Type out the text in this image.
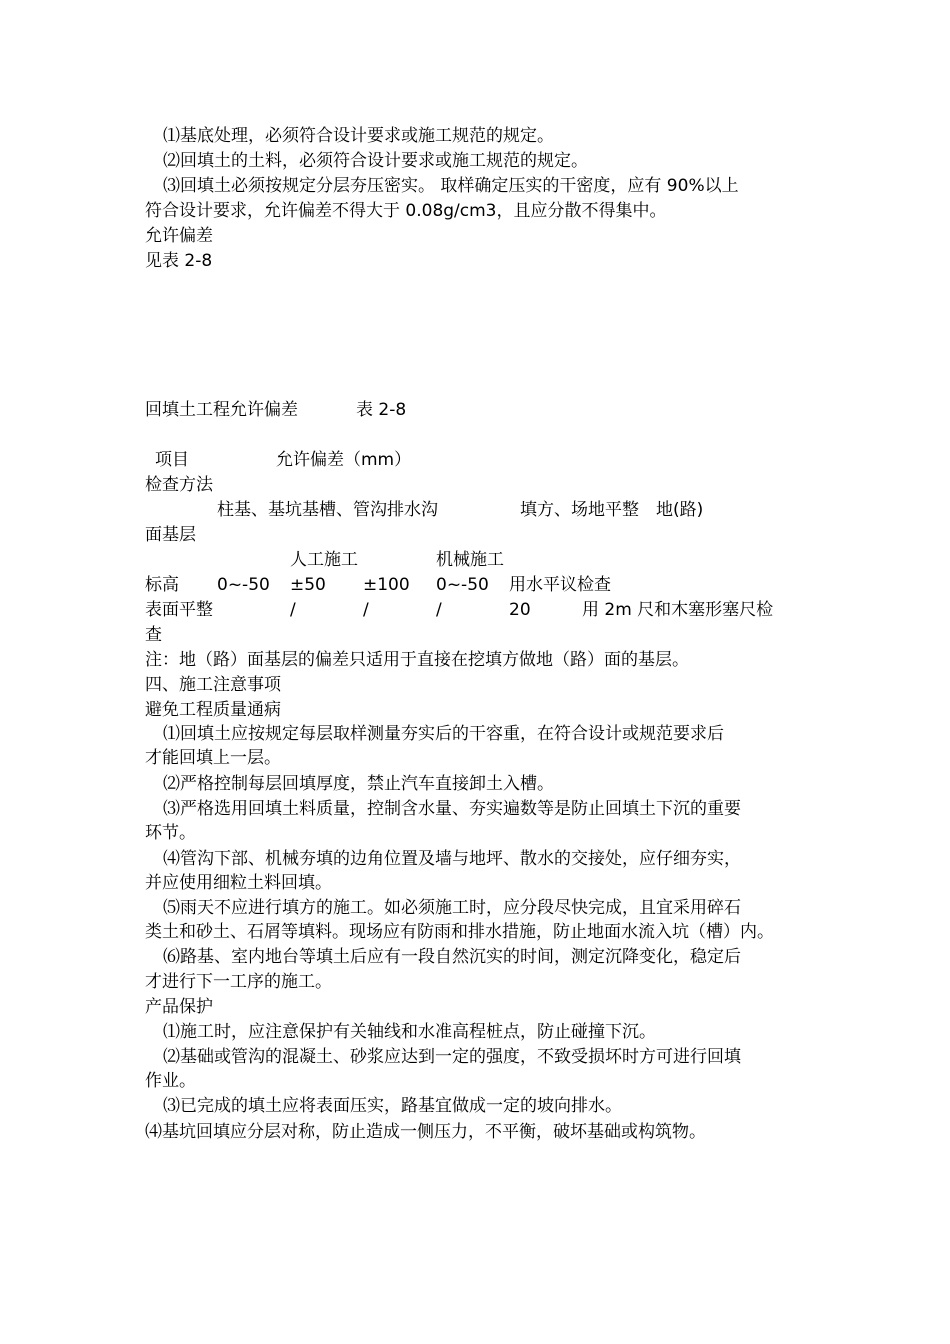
⑴基底处理，必须符合设计要求或施工规范的规定。
⑵回填土的土料，必须符合设计要求或施工规范的规定。
⑶回填土必须按规定分层夯压密实。 取样确定压实的干密度，应有 90%以上
符合设计要求，允许偏差不得大于 0.08g/cm3，且应分散不得集中。
允许偏差
见表 2-8
回填土工程允许偏差	表 2-8
项目	允许偏差（mm）
检查方法
柱基、基坑基槽、管沟排水沟	填方、场地平整 地(路)
面基层
人工施工	机械施工
标高 0~-50 ±50 ±100 0~-50 用水平议检查
表面平整	/	/	/	20	用 2m 尺和木塞形塞尺检
查
注：地（路）面基层的偏差只适用于直接在挖填方做地（路）面的基层。
四、施工注意事项
避免工程质量通病
⑴回填土应按规定每层取样测量夯实后的干容重，在符合设计或规范要求后
才能回填上一层。
⑵严格控制每层回填厚度，禁止汽车直接卸土入槽。
⑶严格选用回填土料质量，控制含水量、夯实遍数等是防止回填土下沉的重要
环节。
⑷管沟下部、机械夯填的边角位置及墙与地坪、散水的交接处，应仔细夯实，
并应使用细粒土料回填。
⑸雨天不应进行填方的施工。如必须施工时，应分段尽快完成，且宜采用碎石
类土和砂土、石屑等填料。现场应有防雨和排水措施，防止地面水流入坑（槽）内。
⑹路基、室内地台等填土后应有一段自然沉实的时间，测定沉降变化，稳定后
才进行下一工序的施工。
产品保护
⑴施工时，应注意保护有关轴线和水准高程桩点，防止碰撞下沉。
⑵基础或管沟的混凝土、砂浆应达到一定的强度，不致受损坏时方可进行回填
作业。
⑶已完成的填土应将表面压实，路基宜做成一定的坡向排水。
⑷基坑回填应分层对称，防止造成一侧压力，不平衡，破坏基础或构筑物。
